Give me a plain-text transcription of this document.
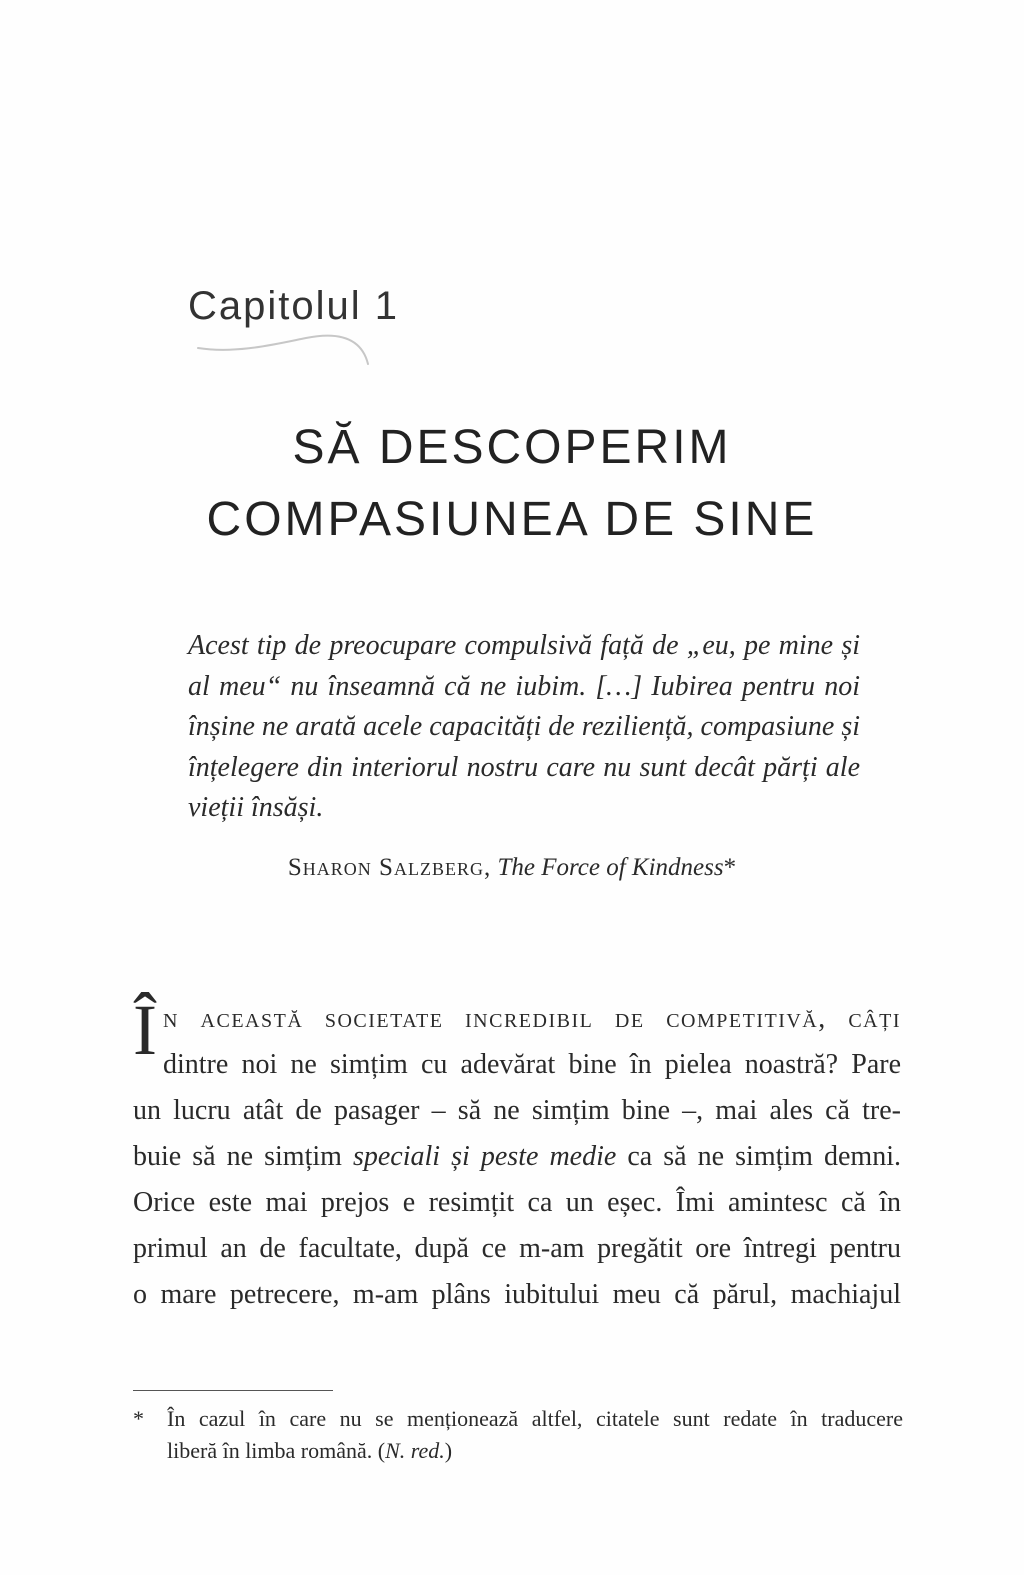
Capitolul 1
SĂ DESCOPERIM
COMPASIUNEA DE SINE
Acest tip de preocupare compulsivă față de „eu, pe mine și
al meu“ nu înseamnă că ne iubim. […] Iubirea pentru noi
înșine ne arată acele capacități de reziliență, compasiune și
înțelegere din interiorul nostru care nu sunt decât părți ale
vieții însăși.
Sharon Salzberg, The Force of Kindness*
Î n această societate incredibil de competitivă, câți
dintre noi ne simțim cu adevărat bine în pielea noastră? Pare
un lucru atât de pasager – să ne simțim bine –, mai ales că tre-
buie să ne simțim speciali și peste medie ca să ne simțim demni.
Orice este mai prejos e resimțit ca un eșec. Îmi amintesc că în
primul an de facultate, după ce m-am pregătit ore întregi pentru
o mare petrecere, m-am plâns iubitului meu că părul, machiajul
* În cazul în care nu se menționează altfel, citatele sunt redate în traducere
liberă în limba română. (N. red.)
